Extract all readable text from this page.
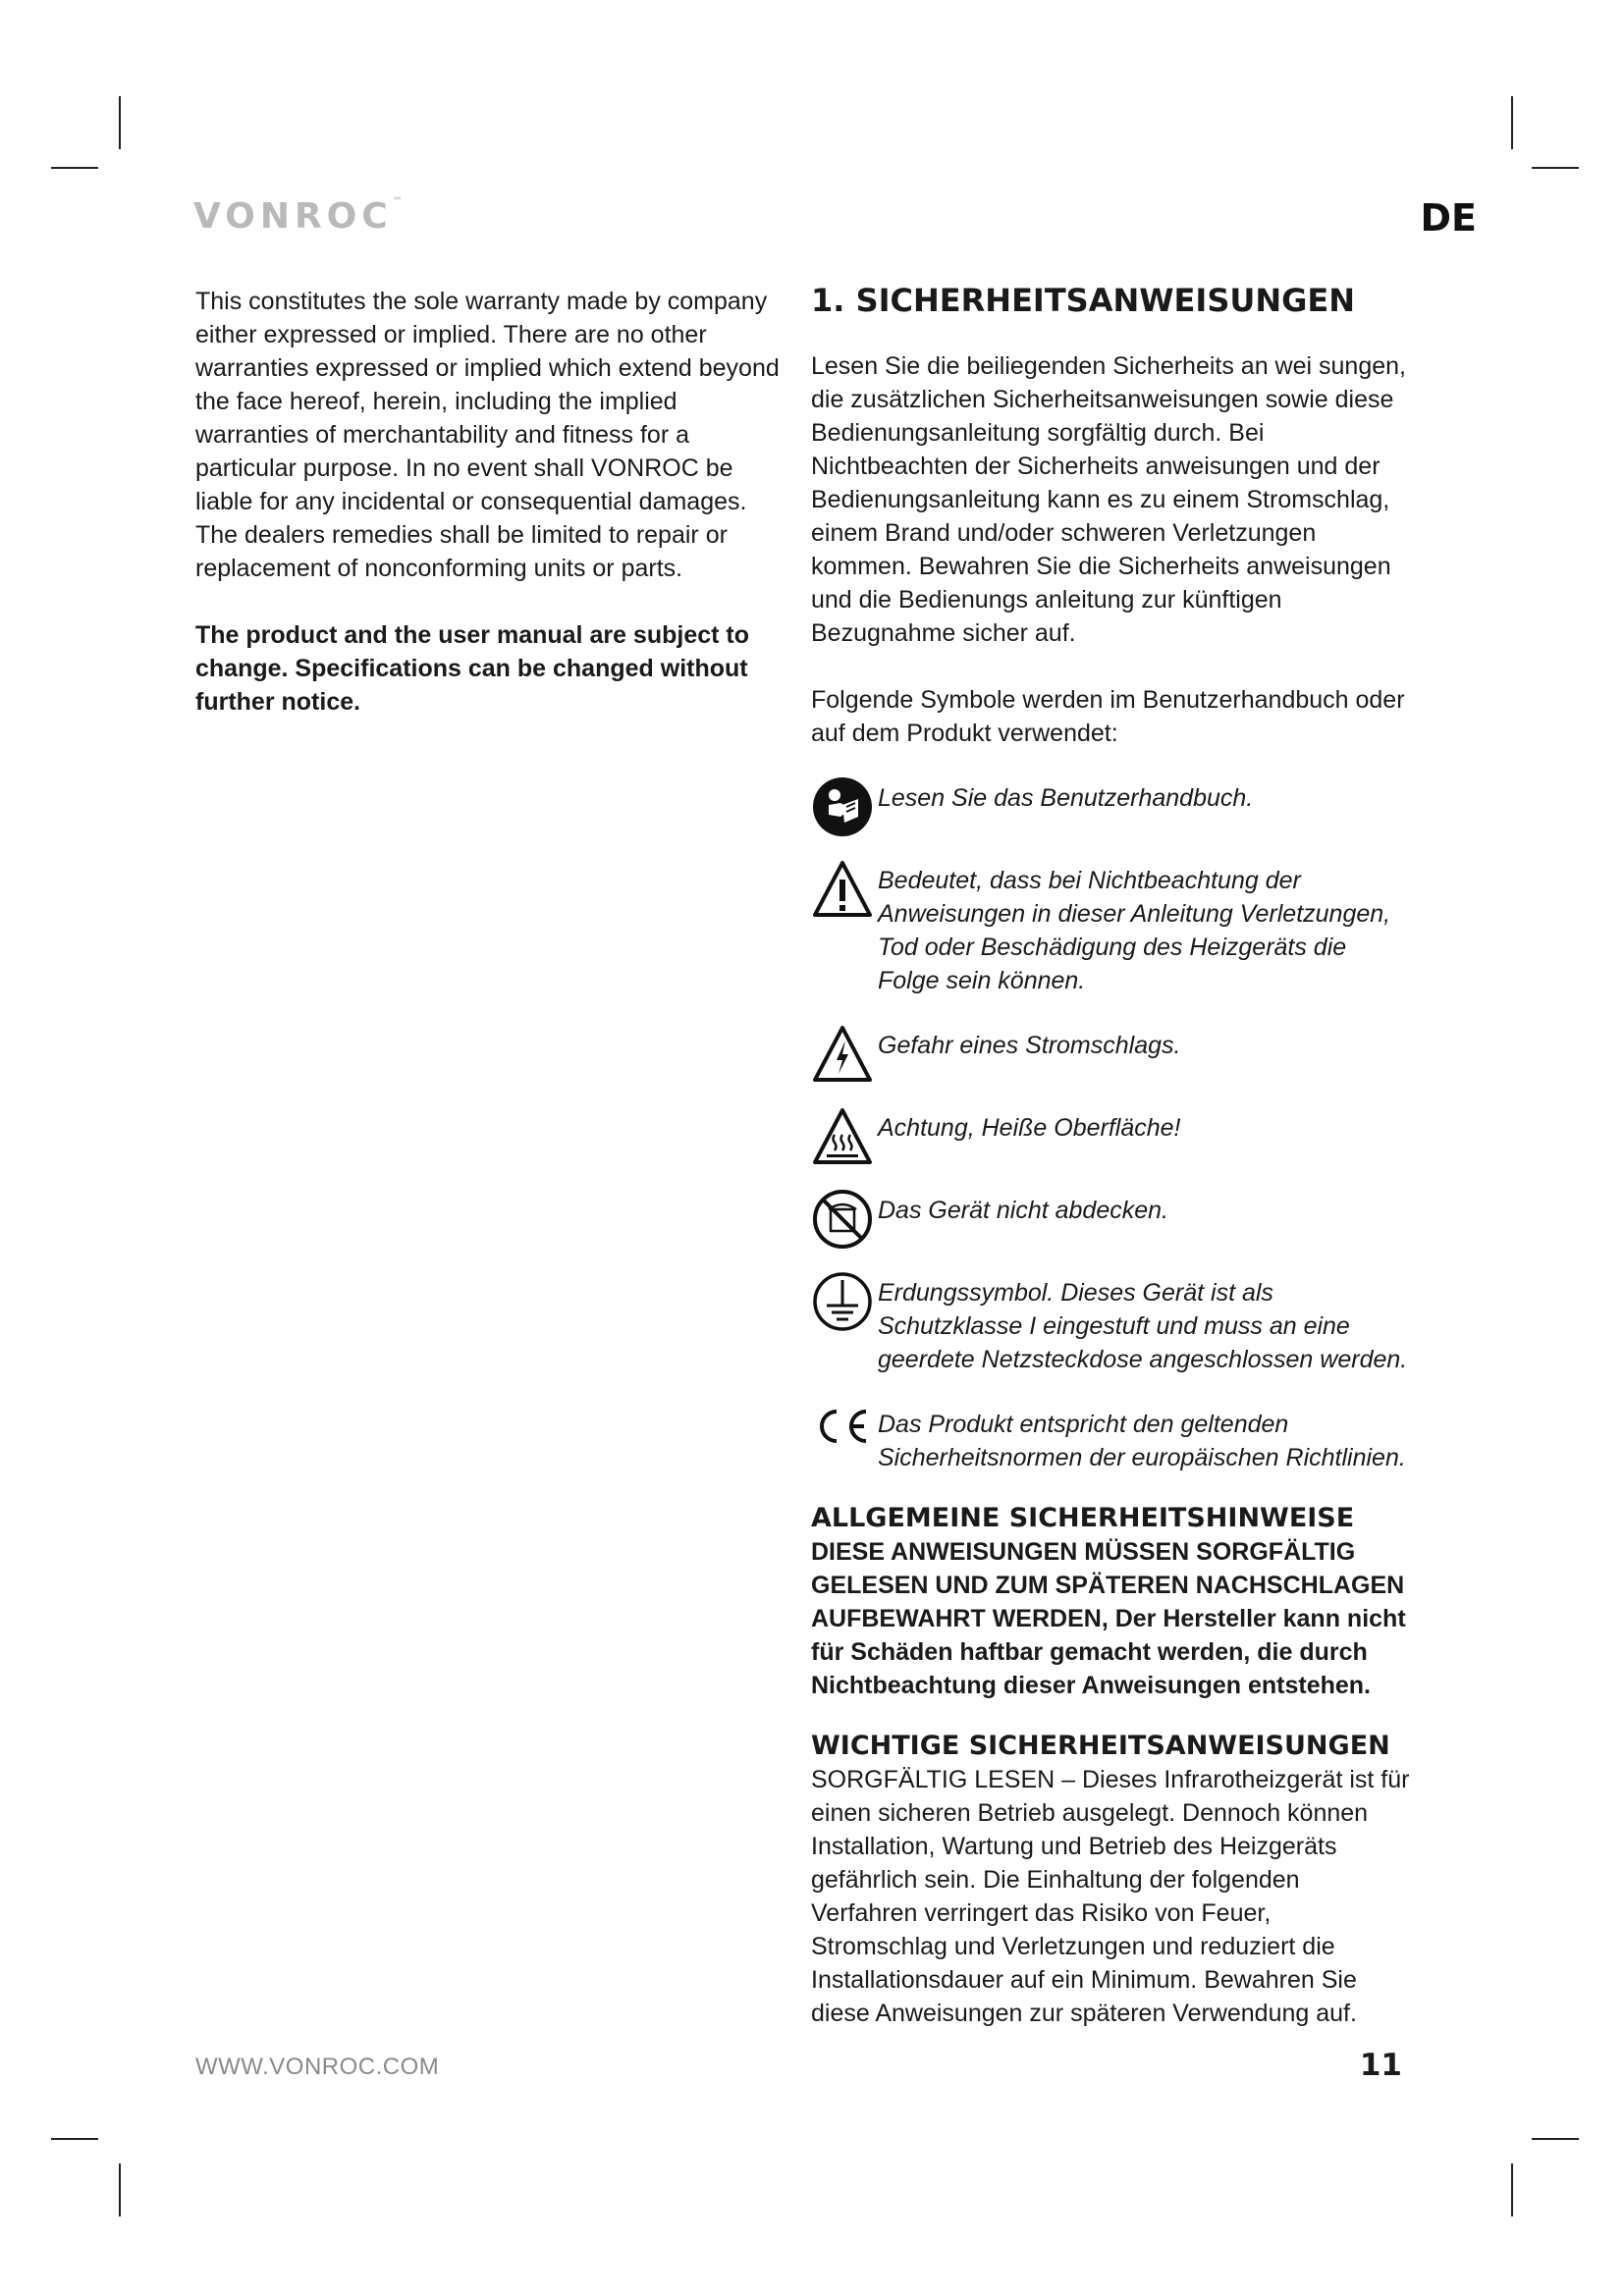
VONROC™	DE

This constitutes the sole warranty made by company either expressed or implied. There are no other warranties expressed or implied which extend beyond the face hereof, herein, including the implied warranties of merchantability and fitness for a particular purpose. In no event shall VONROC be liable for any incidental or consequential damages. The dealers remedies shall be limited to repair or replacement of nonconforming units or parts.

The product and the user manual are subject to change. Specifications can be changed without further notice.

1. SICHERHEITSANWEISUNGEN

Lesen Sie die beiliegenden Sicherheits an wei sungen, die zusätzlichen Sicherheitsanweisungen sowie diese Bedienungsanleitung sorgfältig durch. Bei Nichtbeachten der Sicherheits anweisungen und der Bedienungsanleitung kann es zu einem Stromschlag, einem Brand und/oder schweren Verletzungen kommen. Bewahren Sie die Sicherheits anweisungen und die Bedienungs anleitung zur künftigen Bezugnahme sicher auf.

Folgende Symbole werden im Benutzerhandbuch oder auf dem Produkt verwendet:

Lesen Sie das Benutzerhandbuch.
Bedeutet, dass bei Nichtbeachtung der Anweisungen in dieser Anleitung Verletzungen, Tod oder Beschädigung des Heizgeräts die Folge sein können.
Gefahr eines Stromschlags.
Achtung, Heiße Oberfläche!
Das Gerät nicht abdecken.
Erdungssymbol. Dieses Gerät ist als Schutzklasse I eingestuft und muss an eine geerdete Netzsteckdose angeschlossen werden.
Das Produkt entspricht den geltenden Sicherheitsnormen der europäischen Richtlinien.
ALLGEMEINE SICHERHEITSHINWEISE

DIESE ANWEISUNGEN MÜSSEN SORGFÄLTIG GELESEN UND ZUM SPÄTEREN NACHSCHLAGEN AUFBEWAHRT WERDEN, Der Hersteller kann nicht für Schäden haftbar gemacht werden, die durch Nichtbeachtung dieser Anweisungen entstehen.

WICHTIGE SICHERHEITSANWEISUNGEN

SORGFÄLTIG LESEN – Dieses Infrarotheizgerät ist für einen sicheren Betrieb ausgelegt. Dennoch können Installation, Wartung und Betrieb des Heizgeräts gefährlich sein. Die Einhaltung der folgenden Verfahren verringert das Risiko von Feuer, Stromschlag und Verletzungen und reduziert die Installationsdauer auf ein Minimum. Bewahren Sie diese Anweisungen zur späteren Verwendung auf.

WWW.VONROC.COM	11
